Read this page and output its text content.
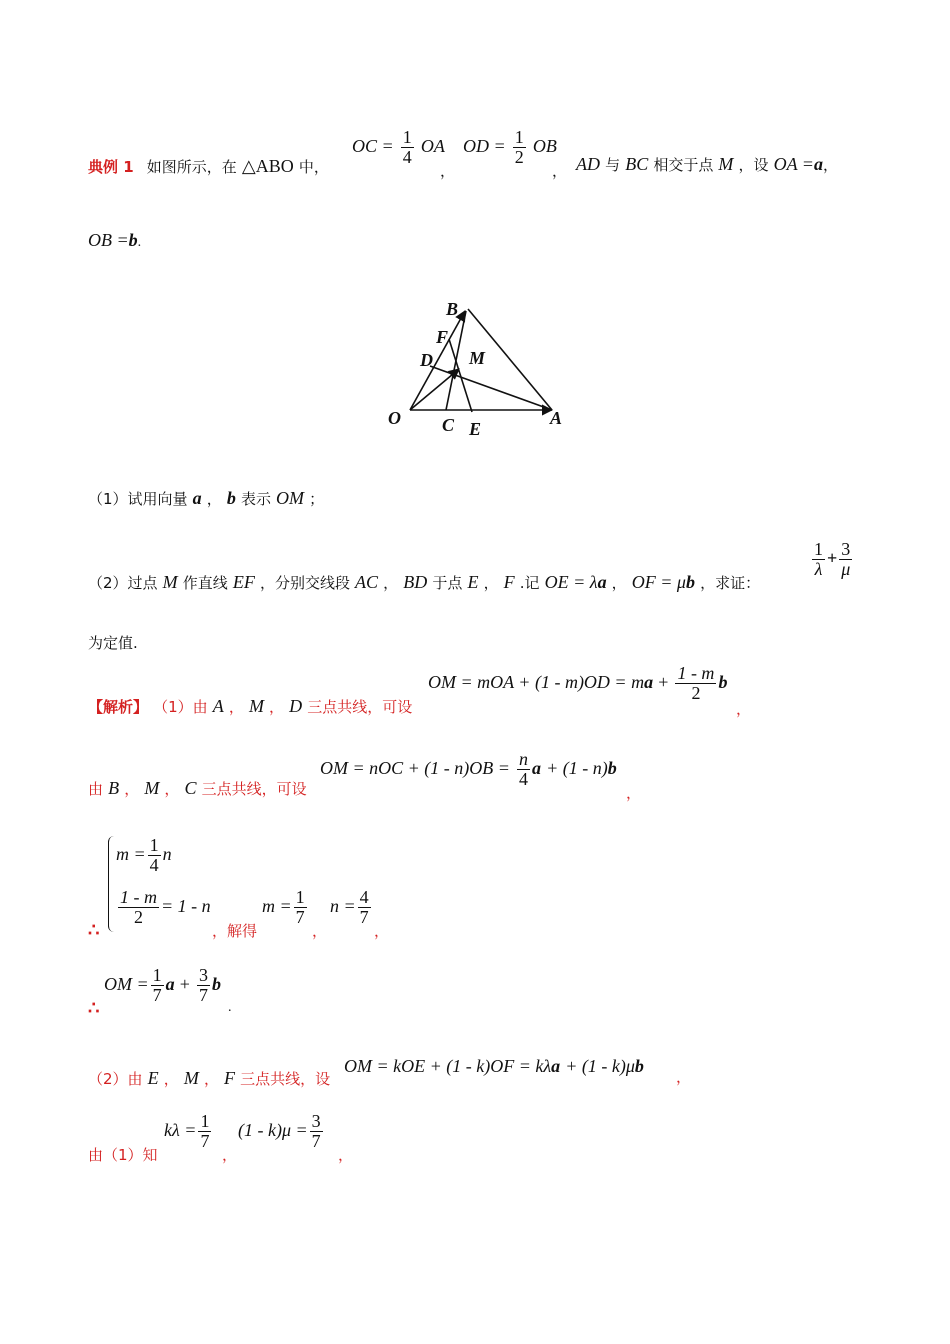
典例 1 如图所示，在 △ABO 中，
OC = $\frac{1}{4}$ OA
，
OD = $\frac{1}{2}$ OB
， AD 与 BC 相交于点 M ，设 OA =a，
OB =b.
B
F
D M
O C E
A
（1）试用向量 a ， b 表示 OM ；
（2）过点 M 作直线 EF ，分别交线段 AC ， BD 于点 E ， F .记 OE = λa ， OF = μb ，求证：
$\frac{1}{\lambda} + \frac{3}{\mu}$
为定值.
【解析】 （1）由 A ， M ， D 三点共线，可设
OM = mOA + (1 - m)OD = ma + $\frac{1 - m}{2}$ b
，
由 B ， M ， C 三点共线，可设
OM = nOC + $(1 - n)OB = \frac{n}{4}$ a + (1 - n)b
，
$m = \frac{1}{4}$ n
$\frac{1 - m}{2} = 1 - n$
∴	，解得
$m = \frac{1}{7}$
，
$n = \frac{4}{7}$
，
∴
OM = $\frac{1}{7}$ $a + \frac{3}{7}$ b
.
（2）由 E ， M ， F 三点共线，设
OM = kOE + (1 - k)OF = kλa + (1 - k)μb
，
由（1）知
$k\lambda = \frac{1}{7}$
，
$(1 - k)\mu = \frac{3}{7}$
，
